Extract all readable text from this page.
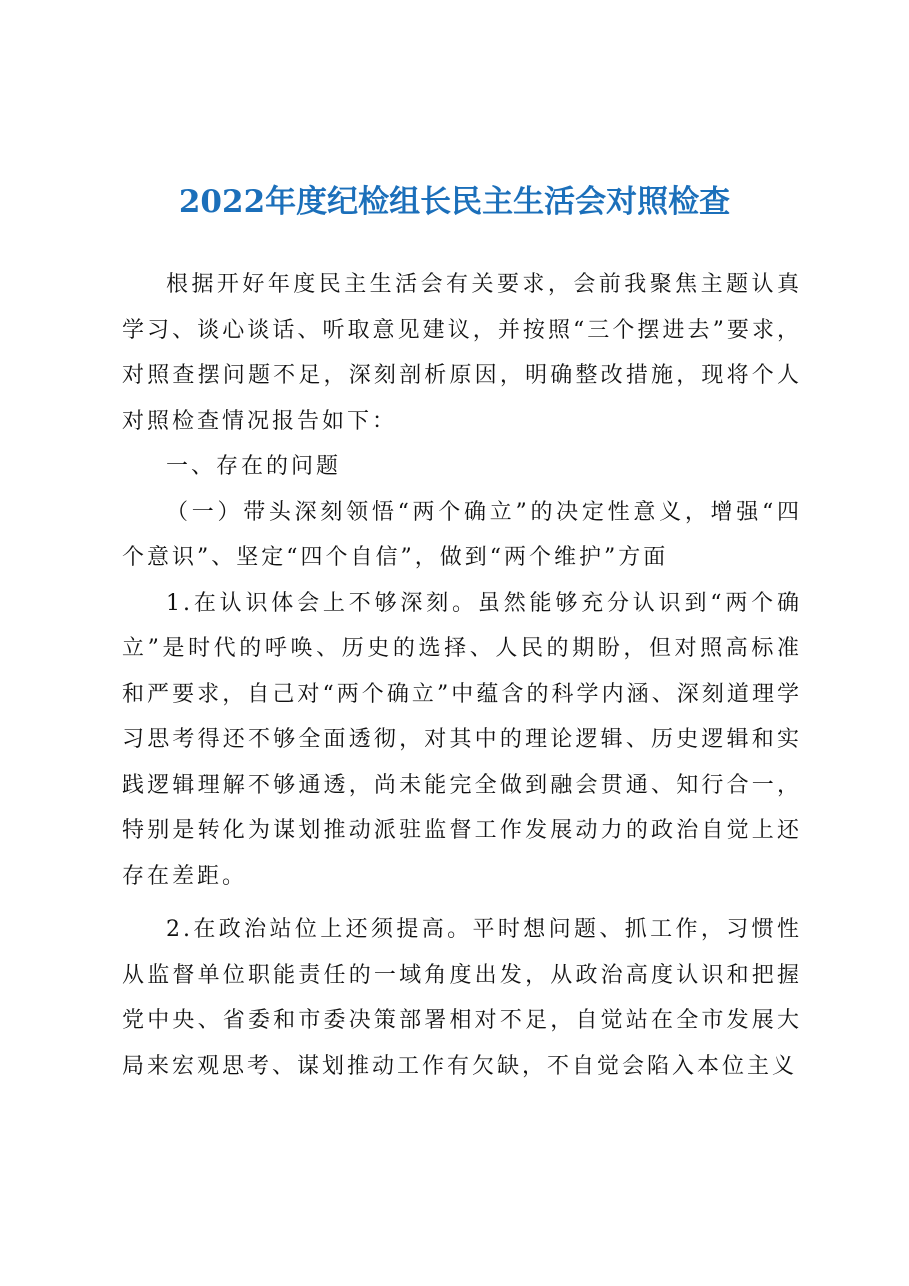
2022年度纪检组长民主生活会对照检查

根据开好年度民主生活会有关要求，会前我聚焦主题认真学习、谈心谈话、听取意见建议，并按照“三个摆进去”要求，对照查摆问题不足，深刻剖析原因，明确整改措施，现将个人对照检查情况报告如下：

一、存在的问题

（一）带头深刻领悟“两个确立”的决定性意义，增强“四个意识”、坚定“四个自信”，做到“两个维护”方面

1.在认识体会上不够深刻。虽然能够充分认识到“两个确立”是时代的呼唤、历史的选择、人民的期盼，但对照高标准和严要求，自己对“两个确立”中蕴含的科学内涵、深刻道理学习思考得还不够全面透彻，对其中的理论逻辑、历史逻辑和实践逻辑理解不够通透，尚未能完全做到融会贯通、知行合一，特别是转化为谋划推动派驻监督工作发展动力的政治自觉上还存在差距。

2.在政治站位上还须提高。平时想问题、抓工作，习惯性从监督单位职能责任的一域角度出发，从政治高度认识和把握党中央、省委和市委决策部署相对不足，自觉站在全市发展大局来宏观思考、谋划推动工作有欠缺，不自觉会陷入本位主义
